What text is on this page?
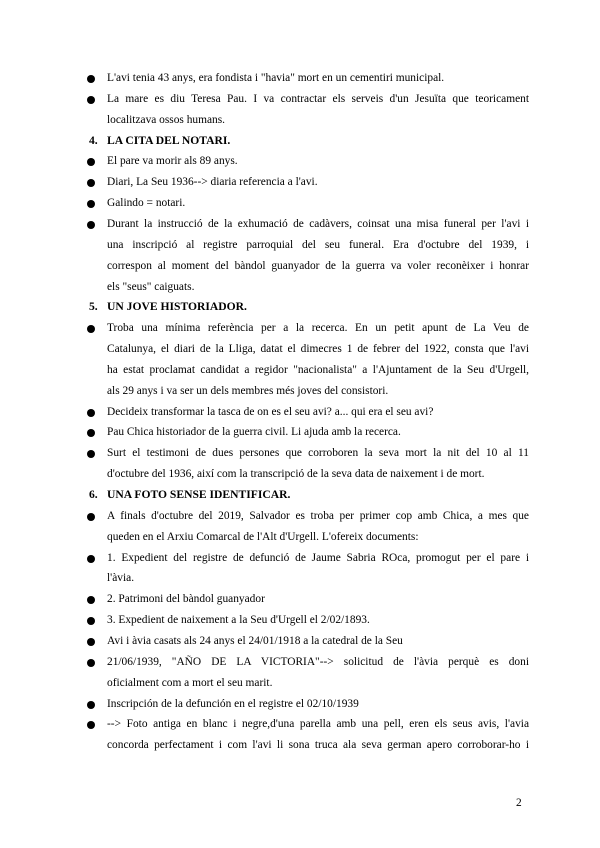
2
L'avi tenia 43 anys, era fondista i "havia" mort en un cementiri municipal.
La mare es diu Teresa Pau. I va contractar els serveis d'un Jesuïta que teoricament
localitzava ossos humans.
4. LA CITA DEL NOTARI.
El pare va morir als 89 anys.
Diari, La Seu 1936--> diaria referencia a l'avi.
Galindo = notari.
Durant la instrucció de la exhumació de cadàvers, coinsat una misa funeral per l'avi i
una inscripció al registre parroquial del seu funeral. Era d'octubre del 1939, i
correspon al moment del bàndol guanyador de la guerra va voler reconèixer i honrar
els "seus" caiguats.
5. UN JOVE HISTORIADOR.
Troba una mínima referència per a la recerca. En un petit apunt de La Veu de
Catalunya, el diari de la Lliga, datat el dimecres 1 de febrer del 1922, consta que l'avi
ha estat proclamat candidat a regidor "nacionalista" a l'Ajuntament de la Seu d'Urgell,
als 29 anys i va ser un dels membres més joves del consistori.
Decideix transformar la tasca de on es el seu avi? a... qui era el seu avi?
Pau Chica historiador de la guerra civil. Li ajuda amb la recerca.
Surt el testimoni de dues persones que corroboren la seva mort la nit del 10 al 11
d'octubre del 1936, així com la transcripció de la seva data de naixement i de mort.
6. UNA FOTO SENSE IDENTIFICAR.
A finals d'octubre del 2019, Salvador es troba per primer cop amb Chica, a mes que
queden en el Arxiu Comarcal de l'Alt d'Urgell. L'ofereix documents:
1. Expedient del registre de defunció de Jaume Sabria ROca, promogut per el pare i
l'àvia.
2. Patrimoni del bàndol guanyador
3. Expedient de naixement a la Seu d'Urgell el 2/02/1893.
Avi i àvia casats als 24 anys el 24/01/1918 a la catedral de la Seu
21/06/1939, "AÑO DE LA VICTORIA"--> solicitud de l'àvia perquè es doni
oficialment com a mort el seu marit.
Inscripción de la defunción en el registre el 02/10/1939
--> Foto antiga en blanc i negre,d'una parella amb una pell, eren els seus avis, l'avia
concorda perfectament i com l'avi li sona truca ala seva german apero corroborar-ho i
